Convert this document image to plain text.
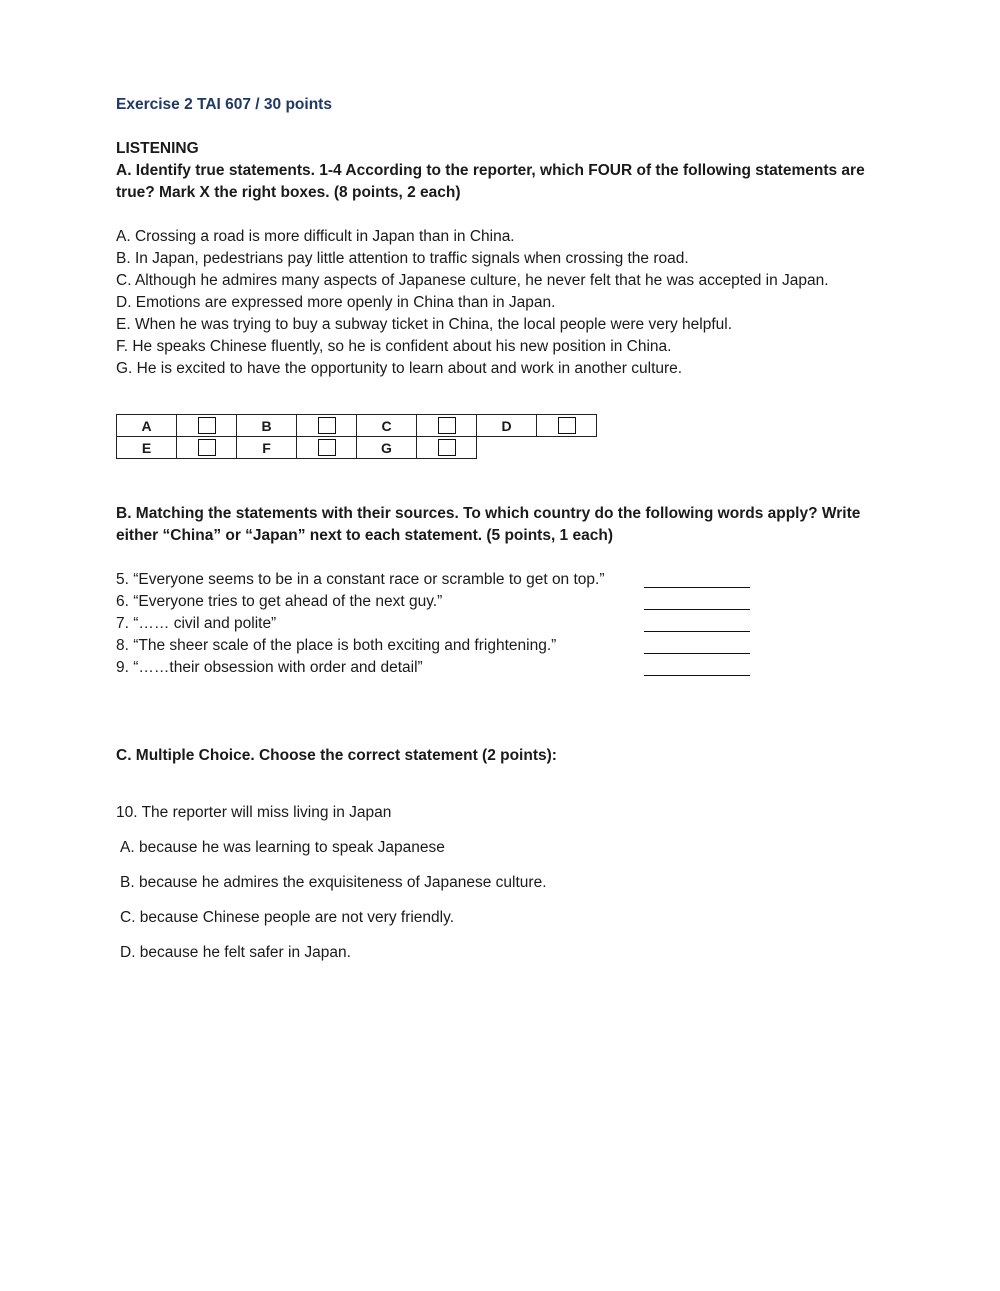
Exercise 2 TAI 607 / 30 points

LISTENING

A. Identify true statements. 1-4 According to the reporter, which FOUR of the following statements are true? Mark X the right boxes. (8 points, 2 each)

A. Crossing a road is more difficult in Japan than in China.
B. In Japan, pedestrians pay little attention to traffic signals when crossing the road.
C. Although he admires many aspects of Japanese culture, he never felt that he was accepted in Japan.
D. Emotions are expressed more openly in China than in Japan.
E. When he was trying to buy a subway ticket in China, the local people were very helpful.
F. He speaks Chinese fluently, so he is confident about his new position in China.
G. He is excited to have the opportunity to learn about and work in another culture.
A		B		C		D	
E		F		G			

B. Matching the statements with their sources. To which country do the following words apply? Write either “China” or “Japan” next to each statement. (5 points, 1 each)

5. “Everyone seems to be in a constant race or scramble to get on top.”
6. “Everyone tries to get ahead of the next guy.”
7. “…… civil and polite”
8. “The sheer scale of the place is both exciting and frightening.”
9. “……their obsession with order and detail”

C. Multiple Choice. Choose the correct statement (2 points):

10. The reporter will miss living in Japan
A. because he was learning to speak Japanese
B. because he admires the exquisiteness of Japanese culture.
C. because Chinese people are not very friendly.
D. because he felt safer in Japan.
